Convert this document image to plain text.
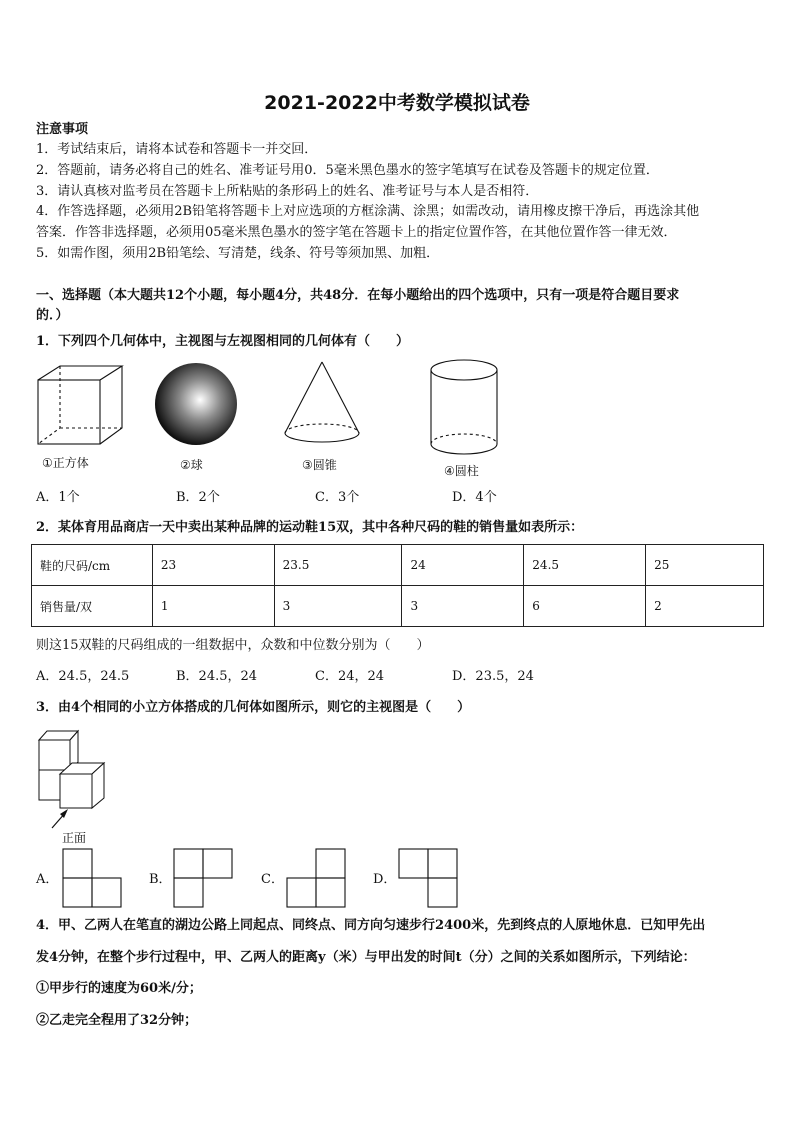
2021-2022中考数学模拟试卷
注意事项
1．考试结束后，请将本试卷和答题卡一并交回．
2．答题前，请务必将自己的姓名、准考证号用0．5毫米黑色墨水的签字笔填写在试卷及答题卡的规定位置．
3．请认真核对监考员在答题卡上所粘贴的条形码上的姓名、准考证号与本人是否相符．
4．作答选择题，必须用2B铅笔将答题卡上对应选项的方框涂满、涂黑；如需改动，请用橡皮擦干净后，再选涂其他
答案．作答非选择题，必须用05毫米黑色墨水的签字笔在答题卡上的指定位置作答，在其他位置作答一律无效．
5．如需作图，须用2B铅笔绘、写清楚，线条、符号等须加黑、加粗．
一、选择题（本大题共12个小题，每小题4分，共48分．在每小题给出的四个选项中，只有一项是符合题目要求
的．）
1．下列四个几何体中，主视图与左视图相同的几何体有（　　）
①正方体	②球	③圆锥	④圆柱
A．1个	B．2个	C．3个	D．4个
2．某体育用品商店一天中卖出某种品牌的运动鞋15双，其中各种尺码的鞋的销售量如表所示：
鞋的尺码/cm	23	23.5	24	24.5	25
销售量/双	1	3	3	6	2
则这15双鞋的尺码组成的一组数据中，众数和中位数分别为（　　）
A．24.5，24.5	B．24.5，24	C．24，24	D．23.5，24
3．由4个相同的小立方体搭成的几何体如图所示，则它的主视图是（　　）
正面
A．	B．	C．	D．
4．甲、乙两人在笔直的湖边公路上同起点、同终点、同方向匀速步行2400米，先到终点的人原地休息．已知甲先出
发4分钟，在整个步行过程中，甲、乙两人的距离y（米）与甲出发的时间t（分）之间的关系如图所示，下列结论：
①甲步行的速度为60米/分；
②乙走完全程用了32分钟；
